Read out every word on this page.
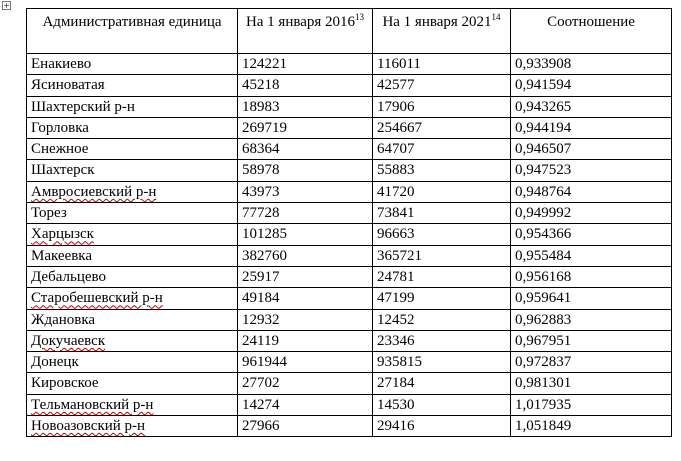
+
Административная единица	На 1 января 2016$^{13}$	На 1 января 2021$^{14}$	Соотношение
Енакиево	124221	116011	0,933908
Ясиноватая	45218	42577	0,941594
Шахтерский р-н	18983	17906	0,943265
Горловка	269719	254667	0,944194
Снежное	68364	64707	0,946507
Шахтерск	58978	55883	0,947523
Амвросиевский р-н	43973	41720	0,948764
Торез	77728	73841	0,949992
Харцызск	101285	96663	0,954366
Макеевка	382760	365721	0,955484
Дебальцево	25917	24781	0,956168
Старобешевский р-н	49184	47199	0,959641
Ждановка	12932	12452	0,962883
Докучаевск	24119	23346	0,967951
Донецк	961944	935815	0,972837
Кировское	27702	27184	0,981301
Тельмановский р-н	14274	14530	1,017935
Новоазовский р-н	27966	29416	1,051849
